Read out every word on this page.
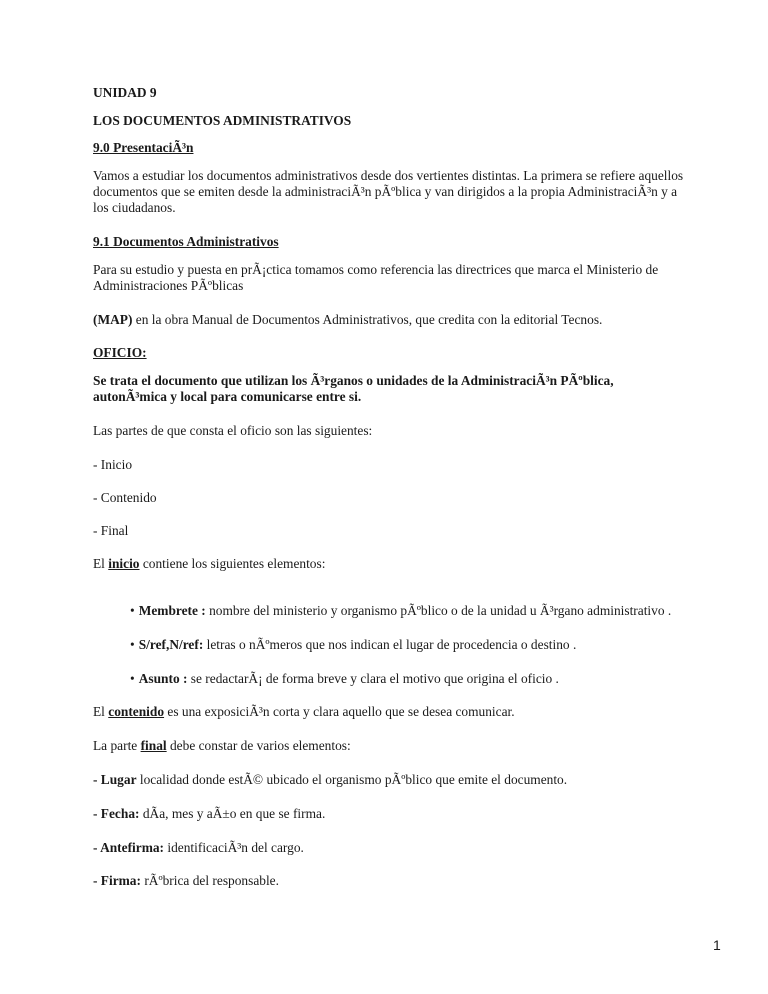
UNIDAD 9
LOS DOCUMENTOS ADMINISTRATIVOS
9.0 PresentaciÃ³n
Vamos a estudiar los documentos administrativos desde dos vertientes distintas. La primera se refiere aquellos
documentos que se emiten desde la administraciÃ³n pÃºblica y van dirigidos a la propia AdministraciÃ³n y a
los ciudadanos.
9.1 Documentos Administrativos
Para su estudio y puesta en prÃ¡ctica tomamos como referencia las directrices que marca el Ministerio de
Administraciones PÃºblicas
(MAP) en la obra Manual de Documentos Administrativos, que credita con la editorial Tecnos.
OFICIO:
Se trata el documento que utilizan los Ã³rganos o unidades de la AdministraciÃ³n PÃºblica,
autonÃ³mica y local para comunicarse entre si.
Las partes de que consta el oficio son las siguientes:
- Inicio
- Contenido
- Final
El inicio contiene los siguientes elementos:
• Membrete : nombre del ministerio y organismo pÃºblico o de la unidad u Ã³rgano administrativo .
• S/ref,N/ref: letras o nÃºmeros que nos indican el lugar de procedencia o destino .
• Asunto : se redactarÃ¡ de forma breve y clara el motivo que origina el oficio .
El contenido es una exposiciÃ³n corta y clara aquello que se desea comunicar.
La parte final debe constar de varios elementos:
- Lugar localidad donde estÃ© ubicado el organismo pÃºblico que emite el documento.
- Fecha: dÃa, mes y aÃ±o en que se firma.
- Antefirma: identificaciÃ³n del cargo.
- Firma: rÃºbrica del responsable.
1
